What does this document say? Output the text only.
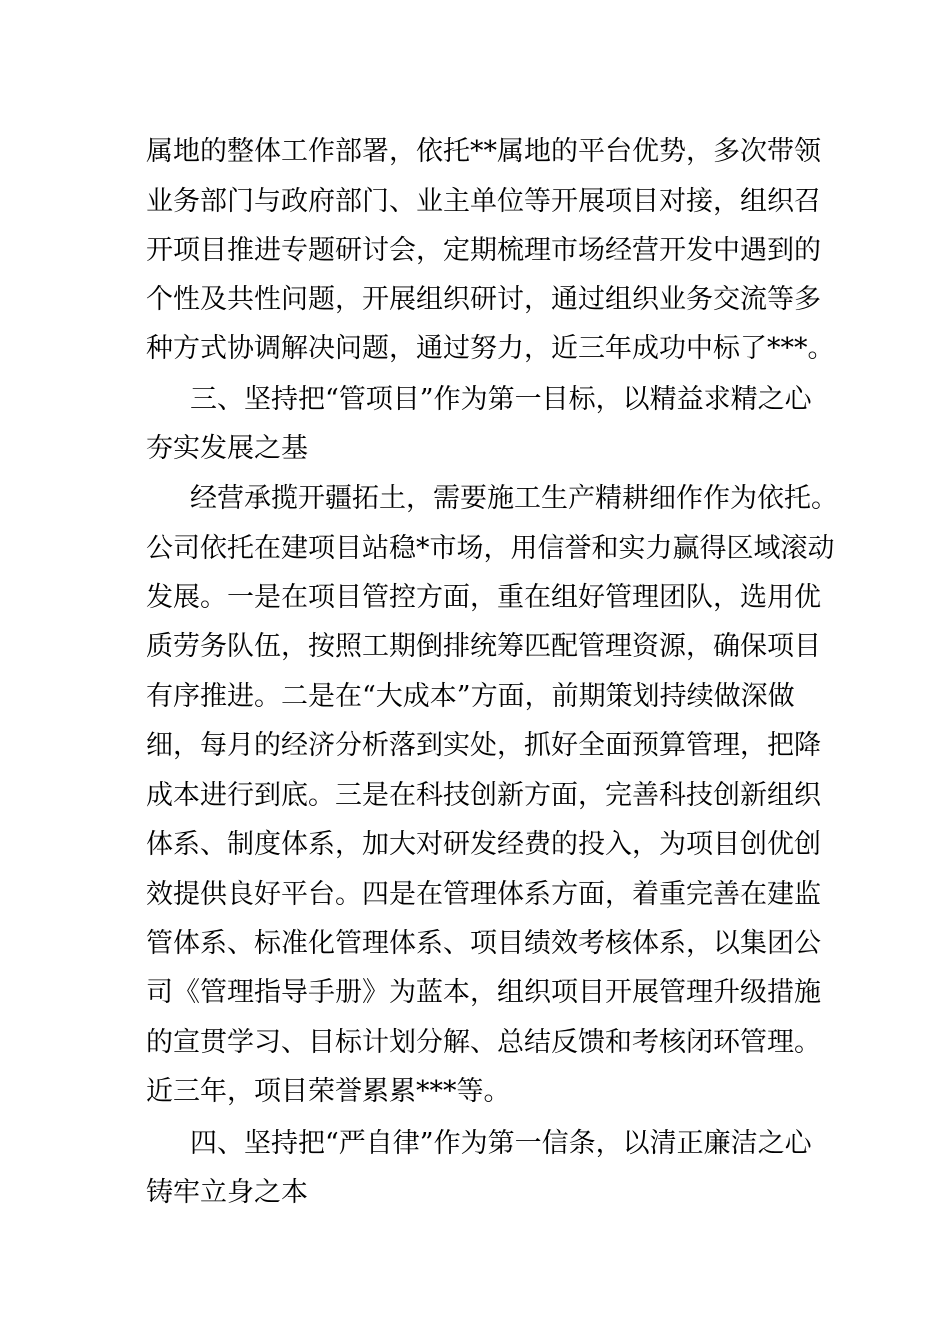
属地的整体工作部署，依托**属地的平台优势，多次带领
业务部门与政府部门、业主单位等开展项目对接，组织召
开项目推进专题研讨会，定期梳理市场经营开发中遇到的
个性及共性问题，开展组织研讨，通过组织业务交流等多
种方式协调解决问题，通过努力，近三年成功中标了***。
三、坚持把“管项目”作为第一目标，以精益求精之心
夯实发展之基
经营承揽开疆拓土，需要施工生产精耕细作作为依托。
公司依托在建项目站稳*市场，用信誉和实力赢得区域滚动
发展。一是在项目管控方面，重在组好管理团队，选用优
质劳务队伍，按照工期倒排统筹匹配管理资源，确保项目
有序推进。二是在“大成本”方面，前期策划持续做深做
细，每月的经济分析落到实处，抓好全面预算管理，把降
成本进行到底。三是在科技创新方面，完善科技创新组织
体系、制度体系，加大对研发经费的投入，为项目创优创
效提供良好平台。四是在管理体系方面，着重完善在建监
管体系、标准化管理体系、项目绩效考核体系，以集团公
司《管理指导手册》为蓝本，组织项目开展管理升级措施
的宣贯学习、目标计划分解、总结反馈和考核闭环管理。
近三年，项目荣誉累累***等。
四、坚持把“严自律”作为第一信条，以清正廉洁之心
铸牢立身之本
